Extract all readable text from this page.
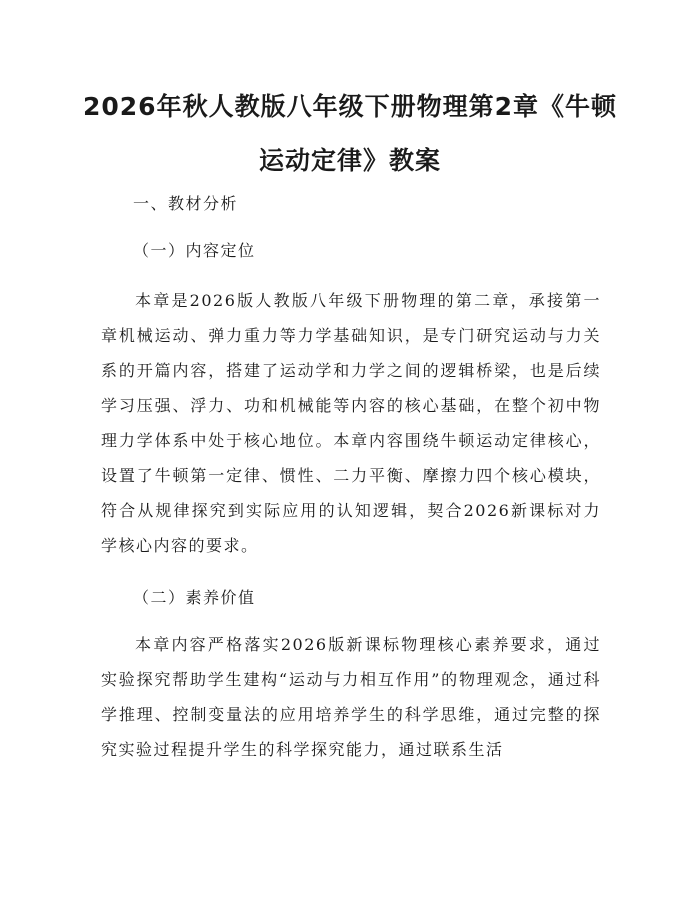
2026年秋人教版八年级下册物理第2章《牛顿运动定律》教案

一、教材分析

（一）内容定位

本章是2026版人教版八年级下册物理的第二章，承接第一章机械运动、弹力重力等力学基础知识，是专门研究运动与力关系的开篇内容，搭建了运动学和力学之间的逻辑桥梁，也是后续学习压强、浮力、功和机械能等内容的核心基础，在整个初中物理力学体系中处于核心地位。本章内容围绕牛顿运动定律核心，设置了牛顿第一定律、惯性、二力平衡、摩擦力四个核心模块，符合从规律探究到实际应用的认知逻辑，契合2026新课标对力学核心内容的要求。

（二）素养价值

本章内容严格落实2026版新课标物理核心素养要求，通过实验探究帮助学生建构“运动与力相互作用”的物理观念，通过科学推理、控制变量法的应用培养学生的科学思维，通过完整的探究实验过程提升学生的科学探究能力，通过联系生活
